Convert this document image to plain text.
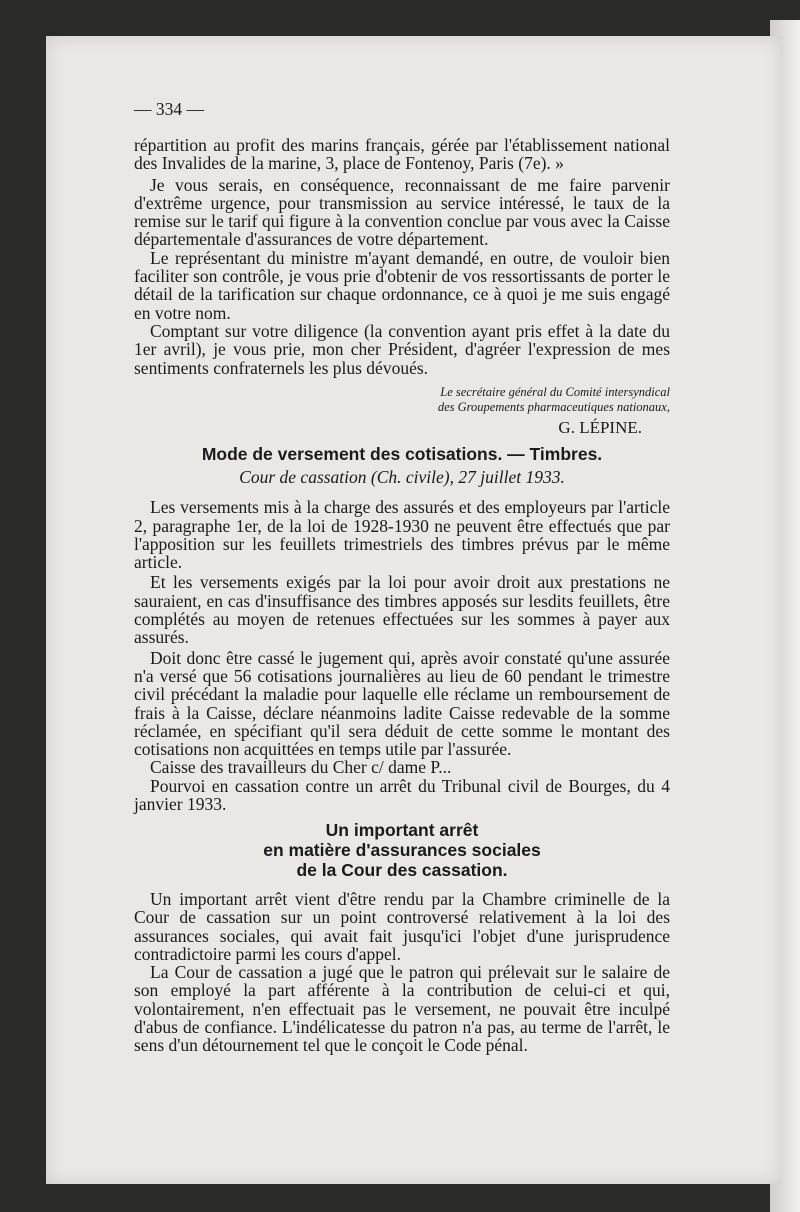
— 334 —

répartition au profit des marins français, gérée par l'établissement national des Invalides de la marine, 3, place de Fontenoy, Paris (7e). »

Je vous serais, en conséquence, reconnaissant de me faire parvenir d'extrême urgence, pour transmission au service intéressé, le taux de la remise sur le tarif qui figure à la convention conclue par vous avec la Caisse départementale d'assurances de votre département.

Le représentant du ministre m'ayant demandé, en outre, de vouloir bien faciliter son contrôle, je vous prie d'obtenir de vos ressortissants de porter le détail de la tarification sur chaque ordonnance, ce à quoi je me suis engagé en votre nom.

Comptant sur votre diligence (la convention ayant pris effet à la date du 1er avril), je vous prie, mon cher Président, d'agréer l'expression de mes sentiments confraternels les plus dévoués.

Le secrétaire général du Comité intersyndical
des Groupements pharmaceutiques nationaux,
G. LÉPINE.
Mode de versement des cotisations. — Timbres.
Cour de cassation (Ch. civile), 27 juillet 1933.

Les versements mis à la charge des assurés et des employeurs par l'article 2, paragraphe 1er, de la loi de 1928-1930 ne peuvent être effectués que par l'apposition sur les feuillets trimestriels des timbres prévus par le même article.

Et les versements exigés par la loi pour avoir droit aux prestations ne sauraient, en cas d'insuffisance des timbres apposés sur lesdits feuillets, être complétés au moyen de retenues effectuées sur les sommes à payer aux assurés.

Doit donc être cassé le jugement qui, après avoir constaté qu'une assurée n'a versé que 56 cotisations journalières au lieu de 60 pendant le trimestre civil précédant la maladie pour laquelle elle réclame un remboursement de frais à la Caisse, déclare néanmoins ladite Caisse redevable de la somme réclamée, en spécifiant qu'il sera déduit de cette somme le montant des cotisations non acquittées en temps utile par l'assurée.

Caisse des travailleurs du Cher c/ dame P...

Pourvoi en cassation contre un arrêt du Tribunal civil de Bourges, du 4 janvier 1933.

Un important arrêt
en matière d'assurances sociales
de la Cour des cassation.

Un important arrêt vient d'être rendu par la Chambre criminelle de la Cour de cassation sur un point controversé relativement à la loi des assurances sociales, qui avait fait jusqu'ici l'objet d'une jurisprudence contradictoire parmi les cours d'appel.

La Cour de cassation a jugé que le patron qui prélevait sur le salaire de son employé la part afférente à la contribution de celui-ci et qui, volontairement, n'en effectuait pas le versement, ne pouvait être inculpé d'abus de confiance. L'indélicatesse du patron n'a pas, au terme de l'arrêt, le sens d'un détournement tel que le conçoit le Code pénal.
